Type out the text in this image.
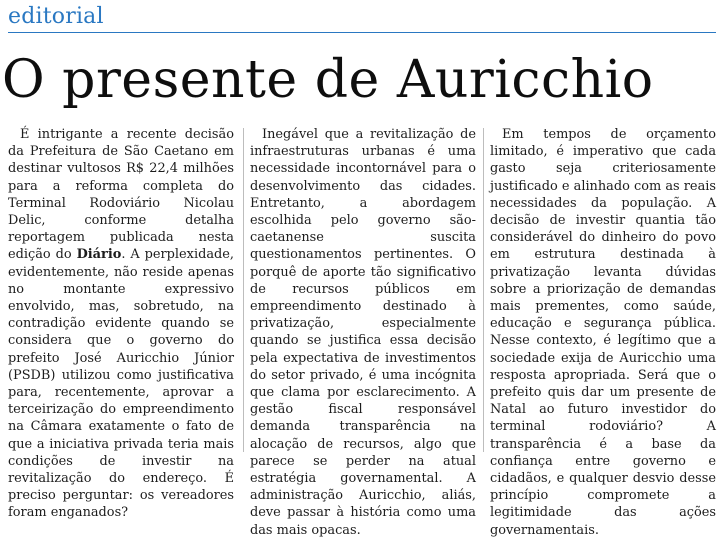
editorial
O presente de Auricchio

É intrigante a recente decisão da Prefeitura de São Caetano em destinar vultosos R$ 22,4 milhões para a reforma completa do Terminal Rodoviário Nicolau Delic, conforme detalha reportagem publicada nesta edição do Diário. A perplexidade, evidentemente, não reside apenas no montante expressivo envolvido, mas, sobretudo, na contradição evidente quando se considera que o governo do prefeito José Auricchio Júnior (PSDB) utilizou como justificativa para, recentemente, aprovar a terceirização do empreendimento na Câmara exatamente o fato de que a iniciativa privada teria mais condições de investir na revitalização do endereço. É preciso perguntar: os vereadores foram enganados?

Inegável que a revitalização de infraestruturas urbanas é uma necessidade incontornável para o desenvolvimento das cidades. Entretanto, a abordagem escolhida pelo governo são-caetanense suscita questionamentos pertinentes. O porquê de aporte tão significativo de recursos públicos em empreendimento destinado à privatização, especialmente quando se justifica essa decisão pela expectativa de investimentos do setor privado, é uma incógnita que clama por esclarecimento. A gestão fiscal responsável demanda transparência na alocação de recursos, algo que parece se perder na atual estratégia governamental. A administração Auricchio, aliás, deve passar à história como uma das mais opacas.

Em tempos de orçamento limitado, é imperativo que cada gasto seja criteriosamente justificado e alinhado com as reais necessidades da população. A decisão de investir quantia tão considerável do dinheiro do povo em estrutura destinada à privatização levanta dúvidas sobre a priorização de demandas mais prementes, como saúde, educação e segurança pública. Nesse contexto, é legítimo que a sociedade exija de Auricchio uma resposta apropriada. Será que o prefeito quis dar um presente de Natal ao futuro investidor do terminal rodoviário? A transparência é a base da confiança entre governo e cidadãos, e qualquer desvio desse princípio compromete a legitimidade das ações governamentais.
